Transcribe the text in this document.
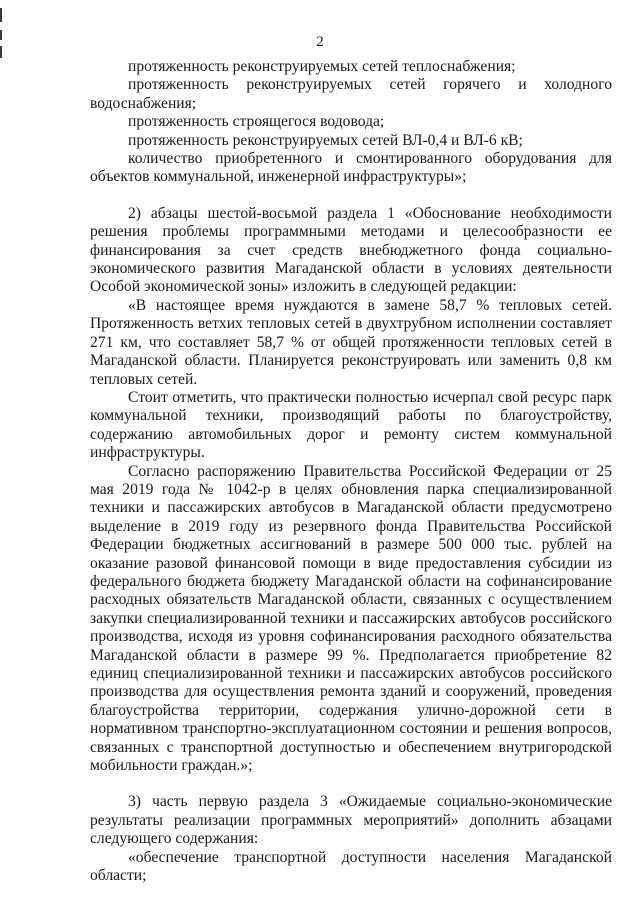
2

протяженность реконструируемых сетей теплоснабжения;

протяженность реконструируемых сетей горячего и холодного водоснабжения;

протяженность строящегося водовода;

протяженность реконструируемых сетей ВЛ-0,4 и ВЛ-6 кВ;

количество приобретенного и смонтированного оборудования для объектов коммунальной, инженерной инфраструктуры»;

2) абзацы шестой-восьмой раздела 1 «Обоснование необходимости решения проблемы программными методами и целесообразности ее финансирования за счет средств внебюджетного фонда социально-экономического развития Магаданской области в условиях деятельности Особой экономической зоны» изложить в следующей редакции:

«В настоящее время нуждаются в замене 58,7 % тепловых сетей. Протяженность ветхих тепловых сетей в двухтрубном исполнении составляет 271 км, что составляет 58,7 % от общей протяженности тепловых сетей в Магаданской области. Планируется реконструировать или заменить 0,8 км тепловых сетей.

Стоит отметить, что практически полностью исчерпал свой ресурс парк коммунальной техники, производящий работы по благоустройству, содержанию автомобильных дорог и ремонту систем коммунальной инфраструктуры.

Согласно распоряжению Правительства Российской Федерации от 25 мая 2019 года № 1042-р в целях обновления парка специализированной техники и пассажирских автобусов в Магаданской области предусмотрено выделение в 2019 году из резервного фонда Правительства Российской Федерации бюджетных ассигнований в размере 500 000 тыс. рублей на оказание разовой финансовой помощи в виде предоставления субсидии из федерального бюджета бюджету Магаданской области на софинансирование расходных обязательств Магаданской области, связанных с осуществлением закупки специализированной техники и пассажирских автобусов российского производства, исходя из уровня софинансирования расходного обязательства Магаданской области в размере 99 %. Предполагается приобретение 82 единиц специализированной техники и пассажирских автобусов российского производства для осуществления ремонта зданий и сооружений, проведения благоустройства территории, содержания улично-дорожной сети в нормативном транспортно-эксплуатационном состоянии и решения вопросов, связанных с транспортной доступностью и обеспечением внутригородской мобильности граждан.»;

3) часть первую раздела 3 «Ожидаемые социально-экономические результаты реализации программных мероприятий» дополнить абзацами следующего содержания:

«обеспечение транспортной доступности населения Магаданской области;
